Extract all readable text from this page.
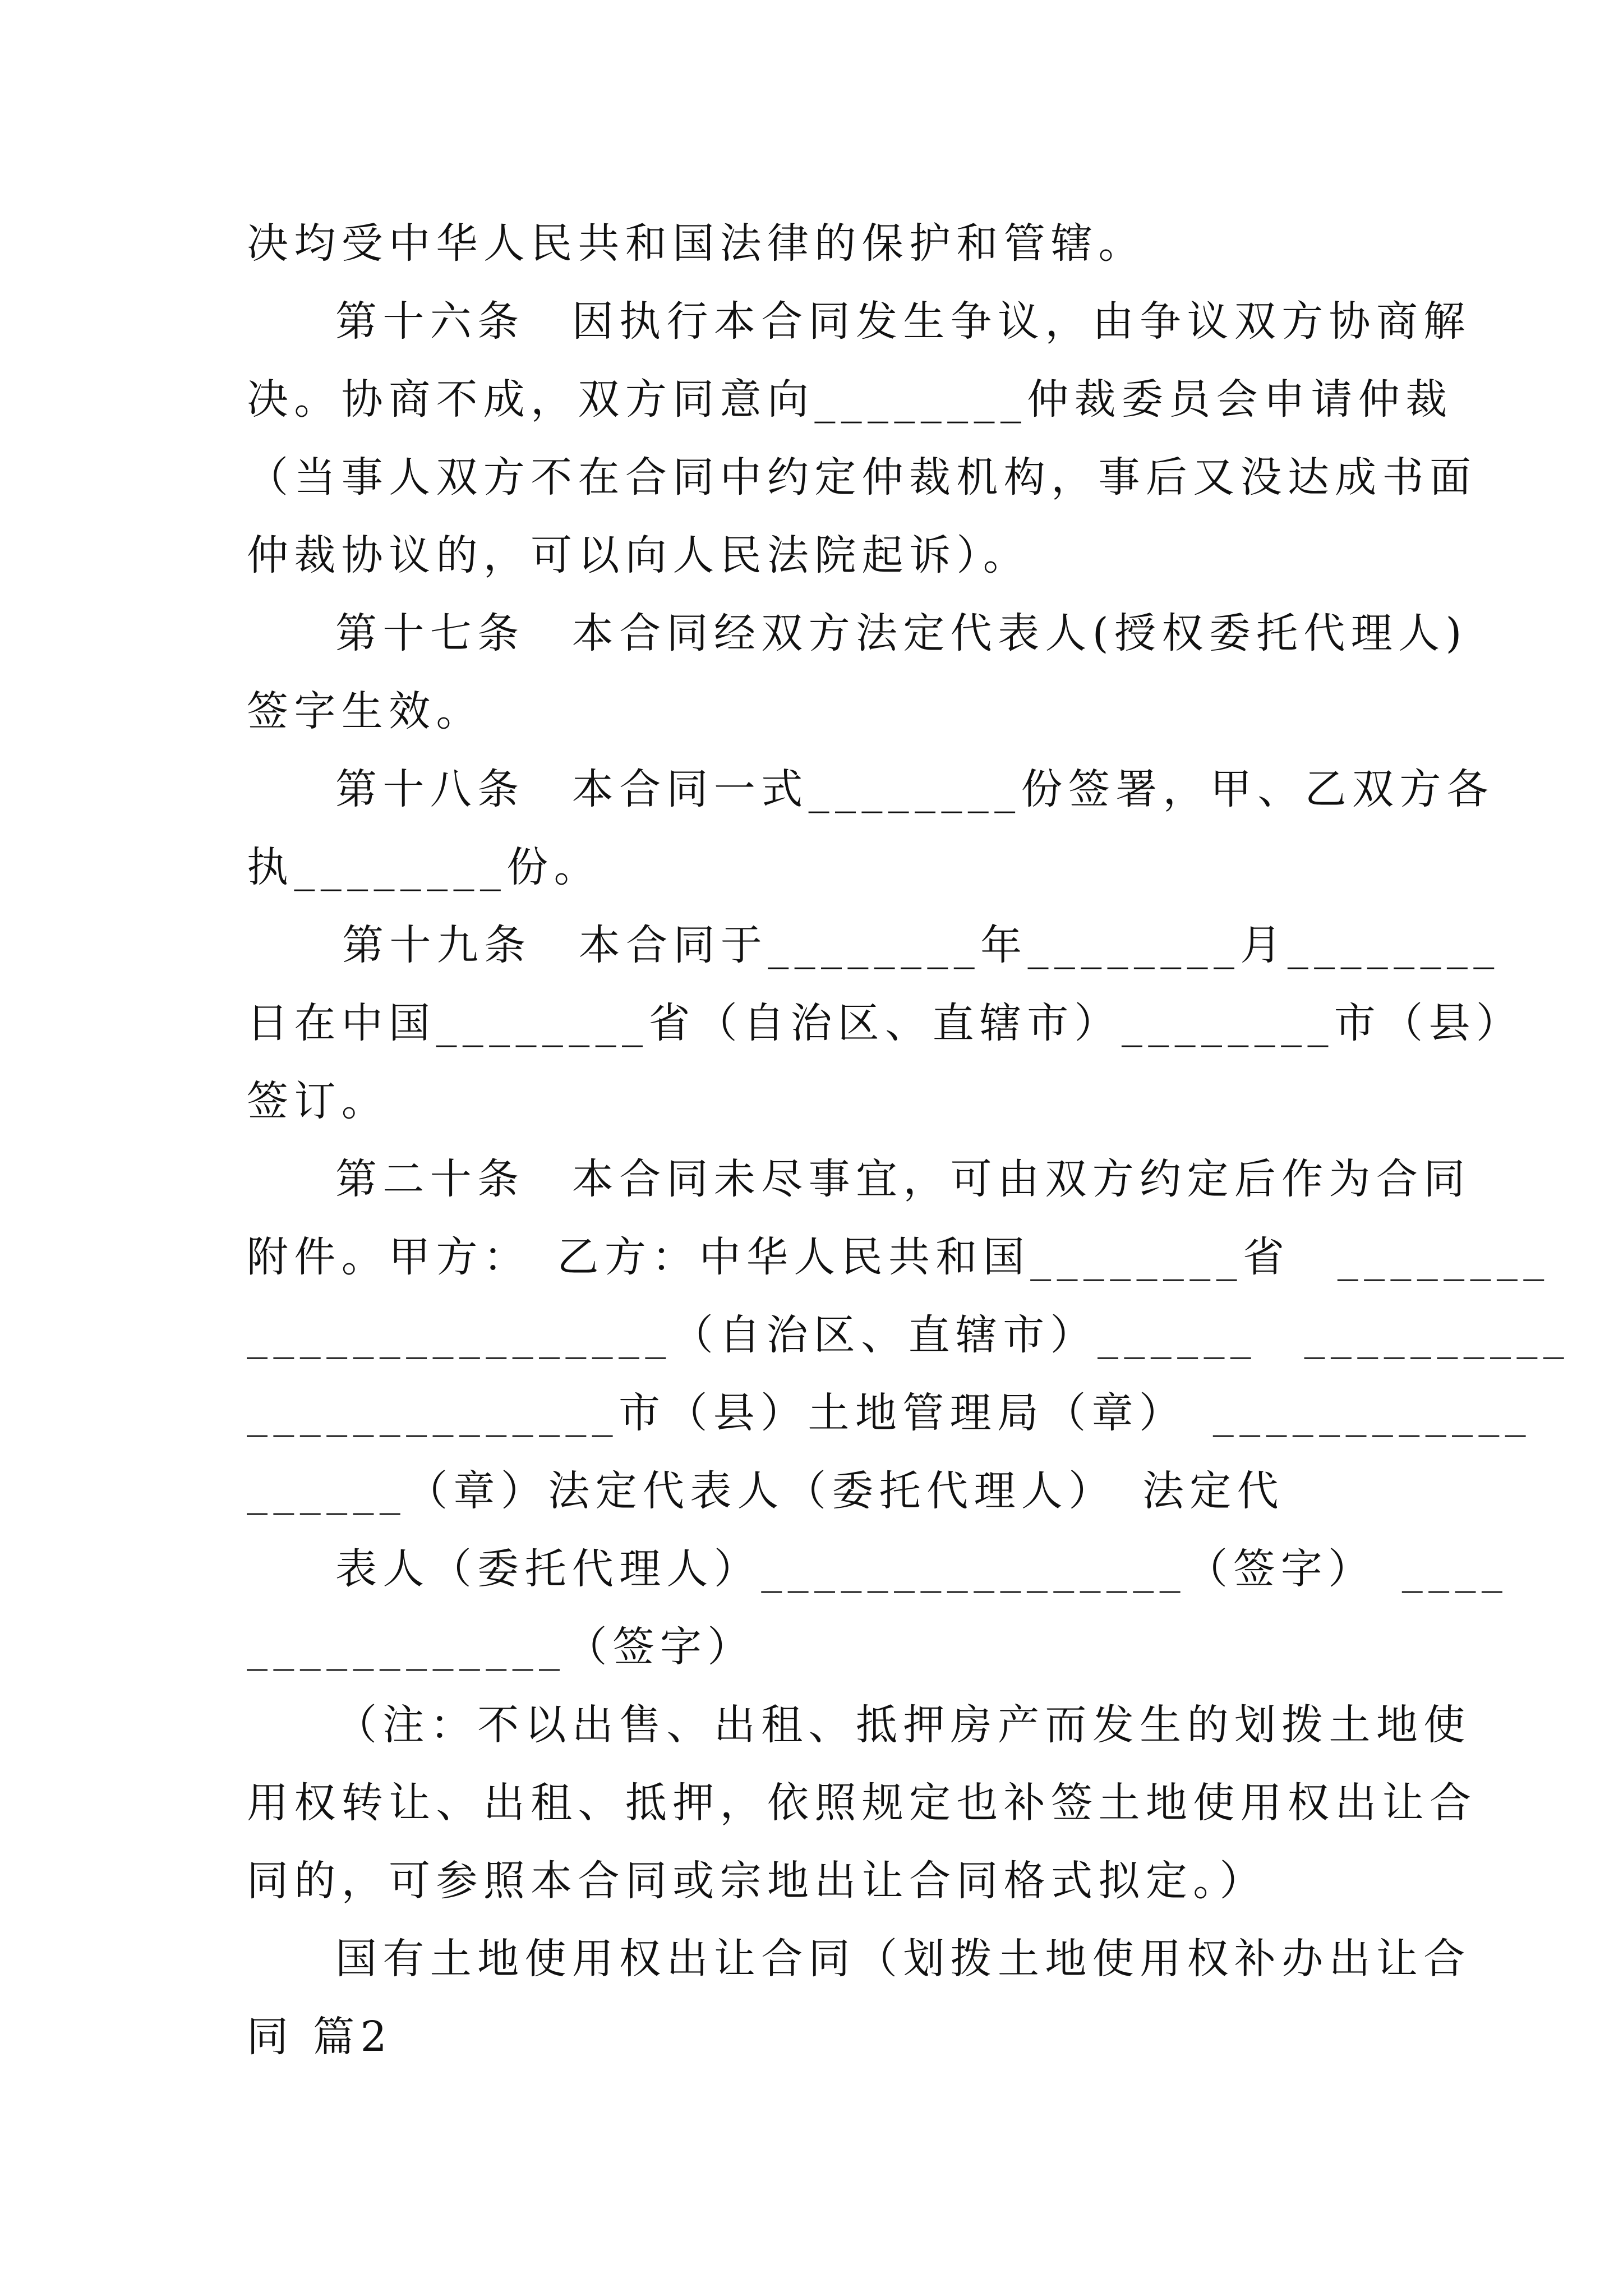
决均受中华人民共和国法律的保护和管辖。
第十六条　因执行本合同发生争议，由争议双方协商解
决。协商不成，双方同意向________仲裁委员会申请仲裁
（当事人双方不在合同中约定仲裁机构，事后又没达成书面
仲裁协议的，可以向人民法院起诉）。
第十七条　本合同经双方法定代表人(授权委托代理人)
签字生效。
第十八条　本合同一式________份签署，甲、乙双方各
执________份。
第十九条　本合同于________年________月________
日在中国________省（自治区、直辖市）________市（县）
签订。
第二十条　本合同未尽事宜，可由双方约定后作为合同
附件。甲方：　乙方：中华人民共和国________省　________
________________（自治区、直辖市）______　__________
______________市（县）土地管理局（章）　____________
______（章）法定代表人（委托代理人）　法定代
表人（委托代理人）________________（签字）　____
____________（签字）
（注：不以出售、出租、抵押房产而发生的划拨土地使
用权转让、出租、抵押，依照规定也补签土地使用权出让合
同的，可参照本合同或宗地出让合同格式拟定。）
国有土地使用权出让合同（划拨土地使用权补办出让合
同 篇2
